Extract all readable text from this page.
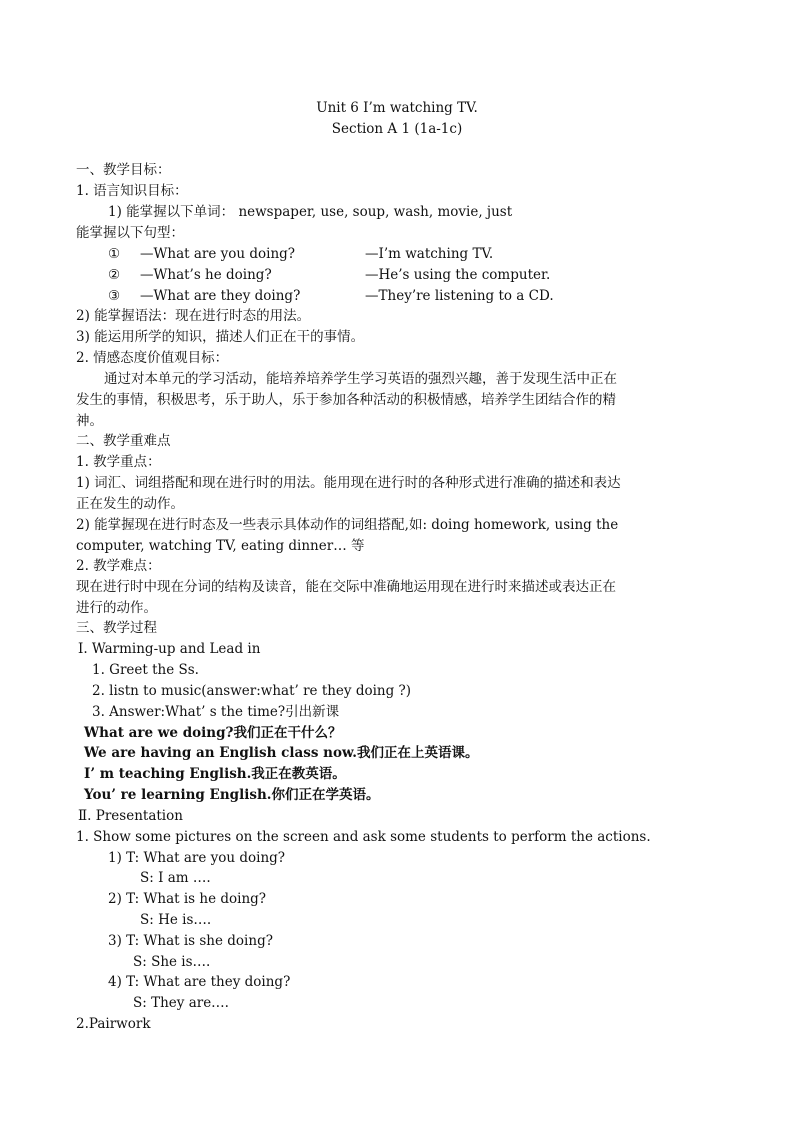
Unit 6 I’m watching TV.
Section A 1 (1a-1c)
一、教学目标：
1. 语言知识目标：
1) 能掌握以下单词： newspaper, use, soup, wash, movie, just
能掌握以下句型：
① —What are you doing?	—I’m watching TV.
② —What’s he doing?	—He’s using the computer.
③ —What are they doing?	—They’re listening to a CD.
2) 能掌握语法：现在进行时态的用法。
3) 能运用所学的知识，描述人们正在干的事情。
2. 情感态度价值观目标：
通过对本单元的学习活动，能培养培养学生学习英语的强烈兴趣，善于发现生活中正在
发生的事情，积极思考，乐于助人，乐于参加各种活动的积极情感，培养学生团结合作的精
神。
二、教学重难点
1. 教学重点：
1) 词汇、词组搭配和现在进行时的用法。能用现在进行时的各种形式进行准确的描述和表达
正在发生的动作。
2) 能掌握现在进行时态及一些表示具体动作的词组搭配,如: doing homework, using the
computer, watching TV, eating dinner… 等
2. 教学难点：
现在进行时中现在分词的结构及读音，能在交际中准确地运用现在进行时来描述或表达正在
进行的动作。
三、教学过程
Ⅰ. Warming-up and Lead in
1. Greet the Ss.
2. listn to music(answer:what’ re they doing ?)
3. Answer:What’ s the time?引出新课
What are we doing?我们正在干什么？
We are having an English class now.我们正在上英语课。
I’ m teaching English.我正在教英语。
You’ re learning English.你们正在学英语。
Ⅱ. Presentation
1. Show some pictures on the screen and ask some students to perform the actions.
1) T: What are you doing?
S: I am ….
2) T: What is he doing?
S: He is….
3) T: What is she doing?
S: She is….
4) T: What are they doing?
S: They are….
2.Pairwork
